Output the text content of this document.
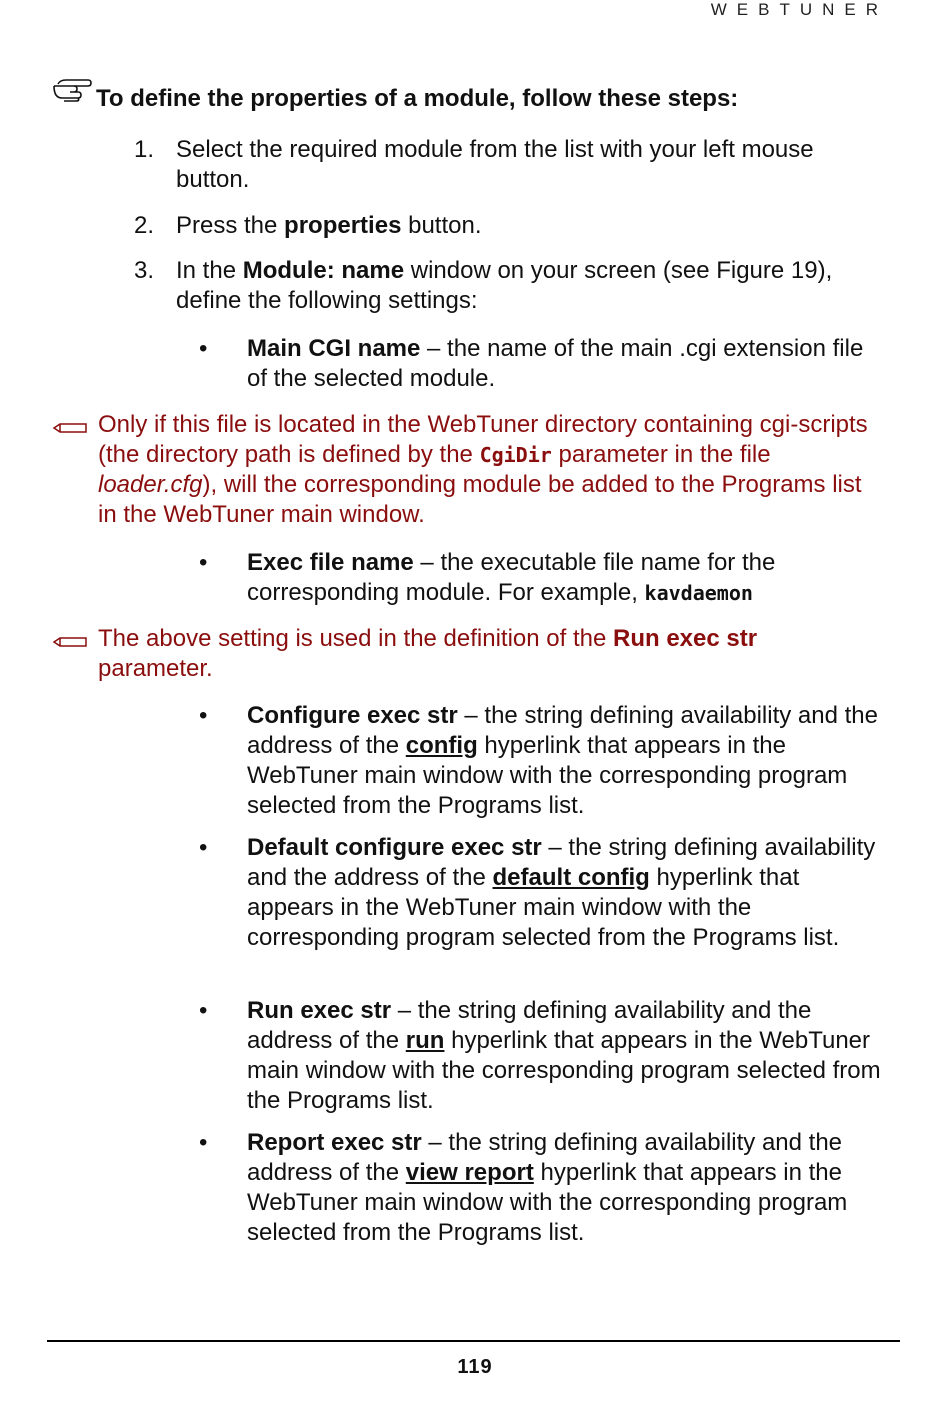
WEBTUNER
To define the properties of a module, follow these steps:
1. Select the required module from the list with your left mouse button.
2. Press the properties button.
3. In the Module: name window on your screen (see Figure 19), define the following settings:
• Main CGI name – the name of the main .cgi extension file of the selected module.
Only if this file is located in the WebTuner directory containing cgi-scripts (the directory path is defined by the CgiDir parameter in the file loader.cfg), will the corresponding module be added to the Programs list in the WebTuner main window.
• Exec file name – the executable file name for the corresponding module. For example, kavdaemon
The above setting is used in the definition of the Run exec str parameter.
• Configure exec str – the string defining availability and the address of the config hyperlink that appears in the WebTuner main window with the corresponding program selected from the Programs list.
• Default configure exec str – the string defining availability and the address of the default config hyperlink that appears in the WebTuner main window with the corresponding program selected from the Programs list.
• Run exec str – the string defining availability and the address of the run hyperlink that appears in the WebTuner main window with the corresponding program selected from the Programs list.
• Report exec str – the string defining availability and the address of the view report hyperlink that appears in the WebTuner main window with the corresponding program selected from the Programs list.
119
